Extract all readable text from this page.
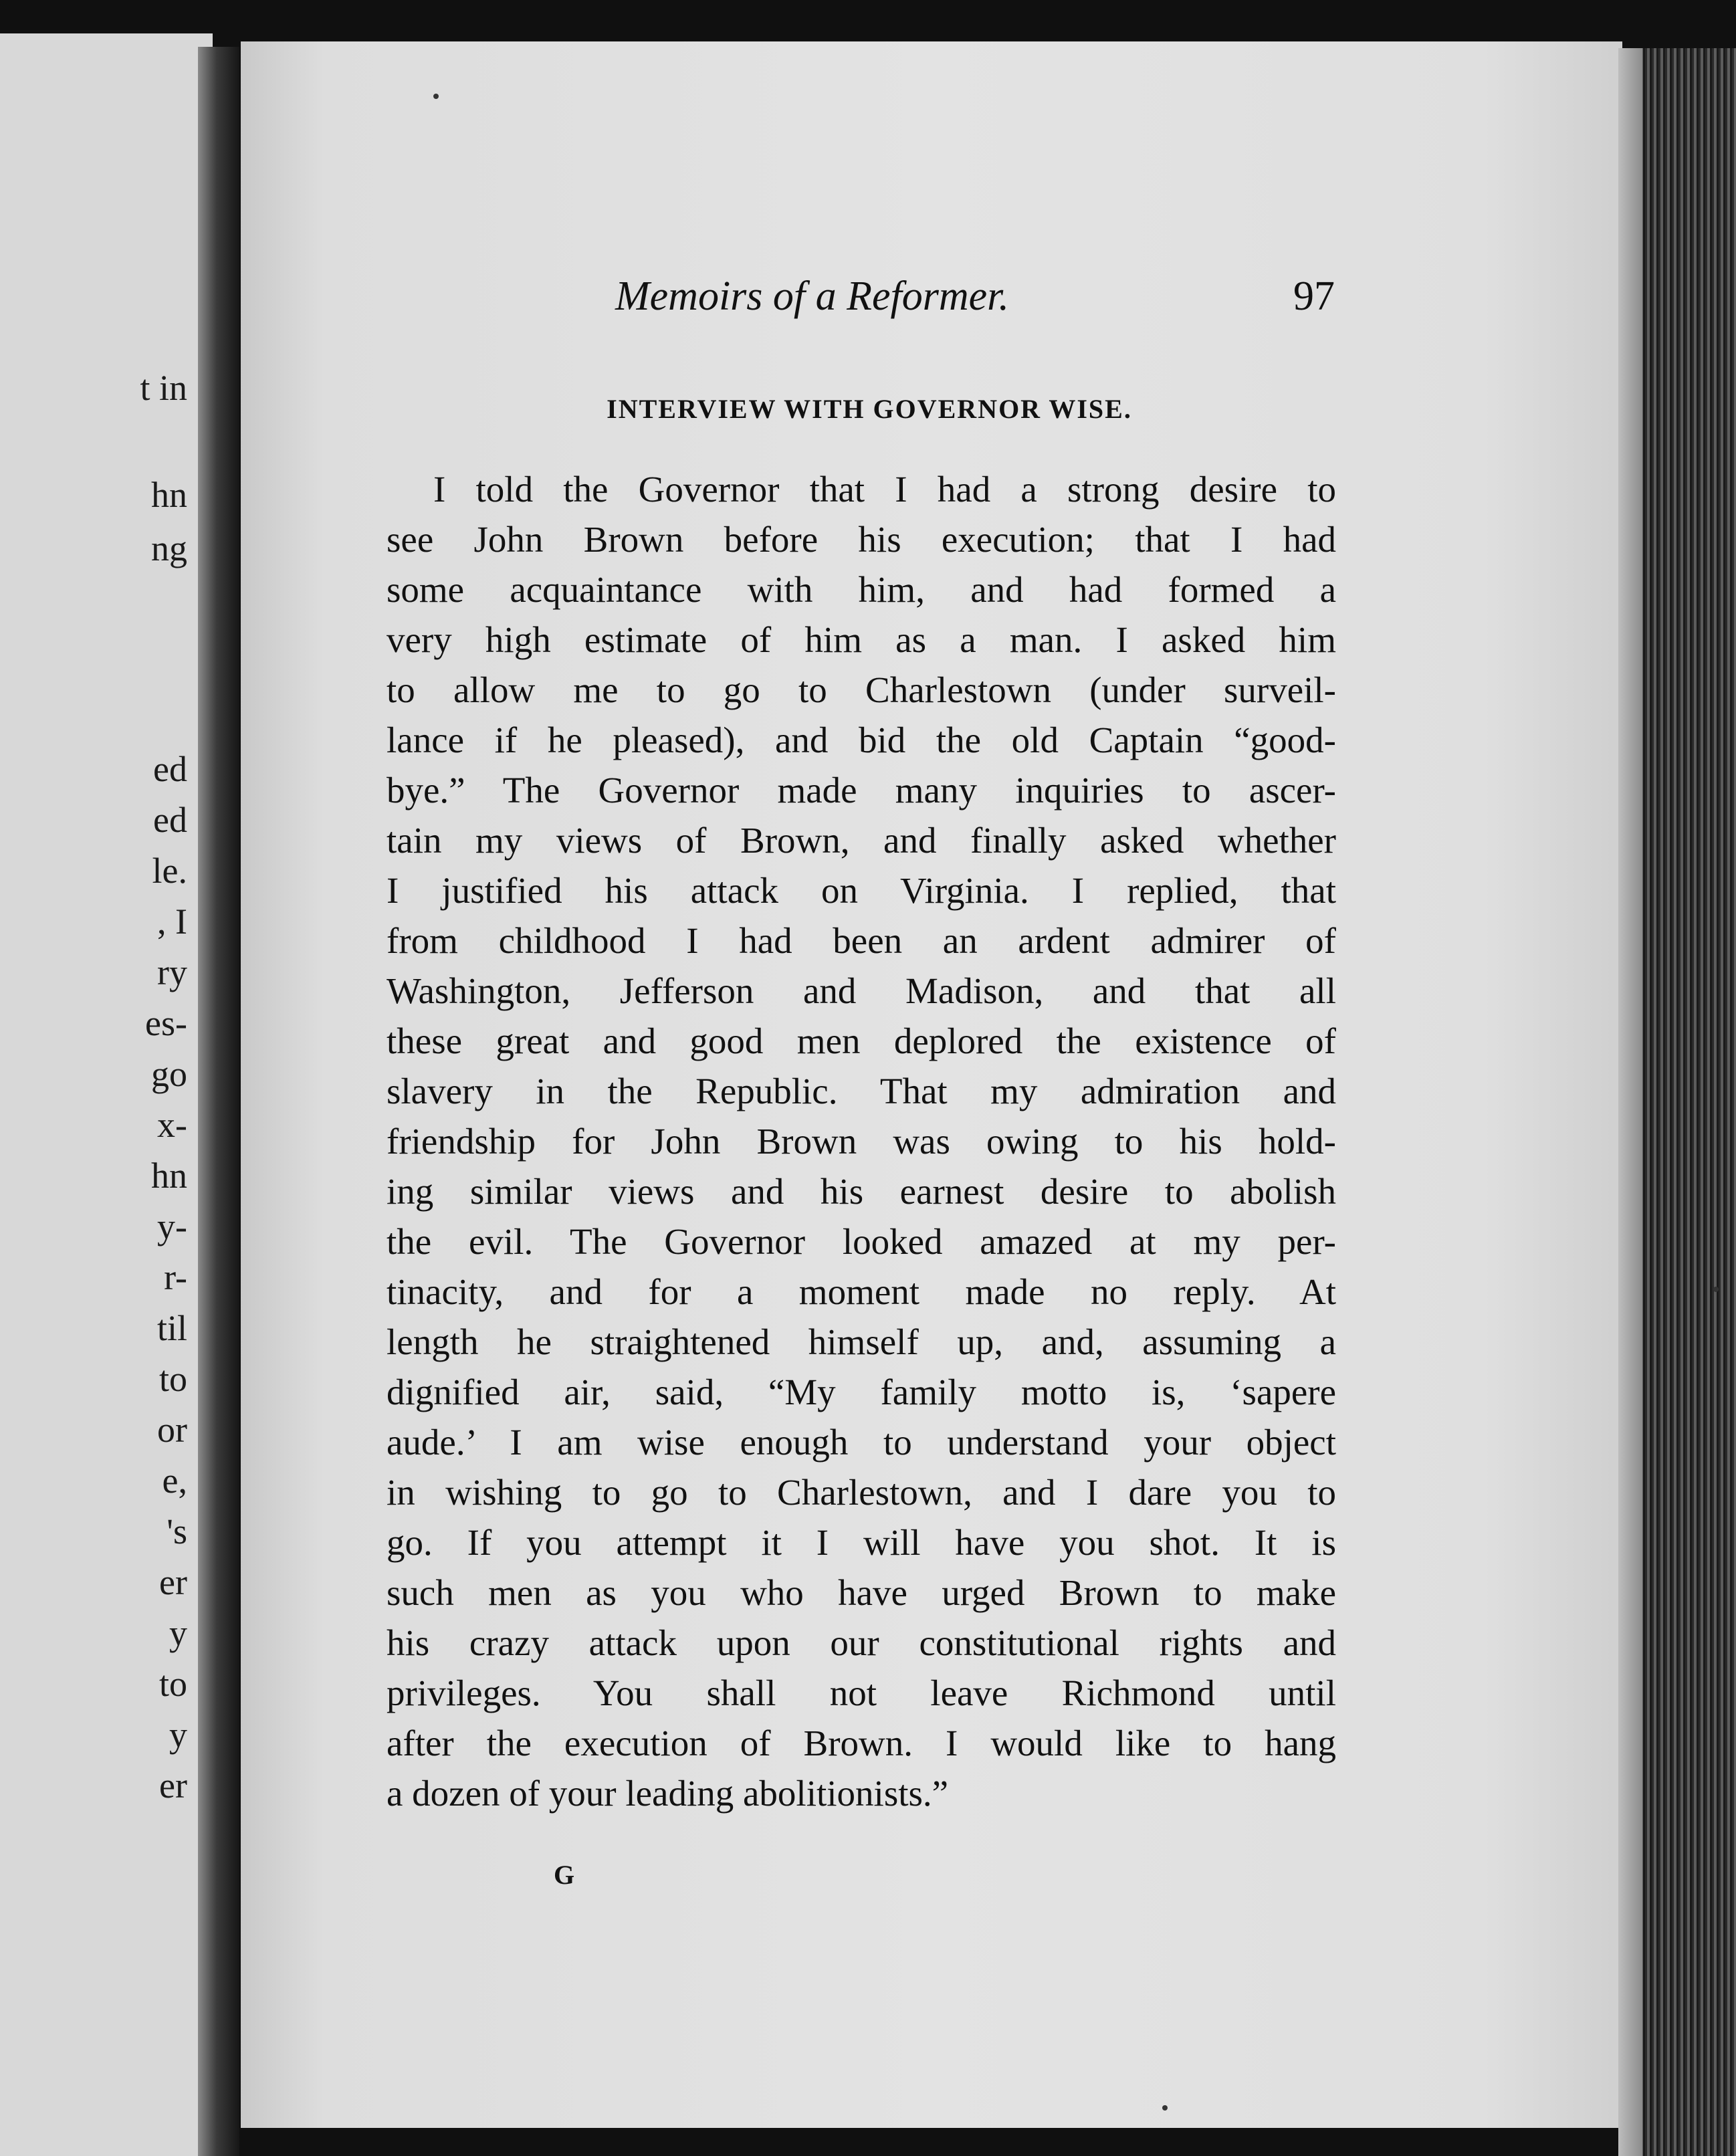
t in
hn
ng
ed
ed
le.
, I
ry
es-
go
x-
hn
y-
r-
til
to
or
e,
's
er
y
to
y
er
Memoirs of a Reformer.	97
INTERVIEW WITH GOVERNOR WISE.
I told the Governor that I had a strong desire to
see John Brown before his execution; that I had
some acquaintance with him, and had formed a
very high estimate of him as a man. I asked him
to allow me to go to Charlestown (under surveil-
lance if he pleased), and bid the old Captain “good-
bye.” The Governor made many inquiries to ascer-
tain my views of Brown, and finally asked whether
I justified his attack on Virginia. I replied, that
from childhood I had been an ardent admirer of
Washington, Jefferson and Madison, and that all
these great and good men deplored the existence of
slavery in the Republic. That my admiration and
friendship for John Brown was owing to his hold-
ing similar views and his earnest desire to abolish
the evil. The Governor looked amazed at my per-
tinacity, and for a moment made no reply. At
length he straightened himself up, and, assuming a
dignified air, said, “My family motto is, ‘sapere
aude.’ I am wise enough to understand your object
in wishing to go to Charlestown, and I dare you to
go. If you attempt it I will have you shot. It is
such men as you who have urged Brown to make
his crazy attack upon our constitutional rights and
privileges. You shall not leave Richmond until
after the execution of Brown. I would like to hang
a dozen of your leading abolitionists.”
G
